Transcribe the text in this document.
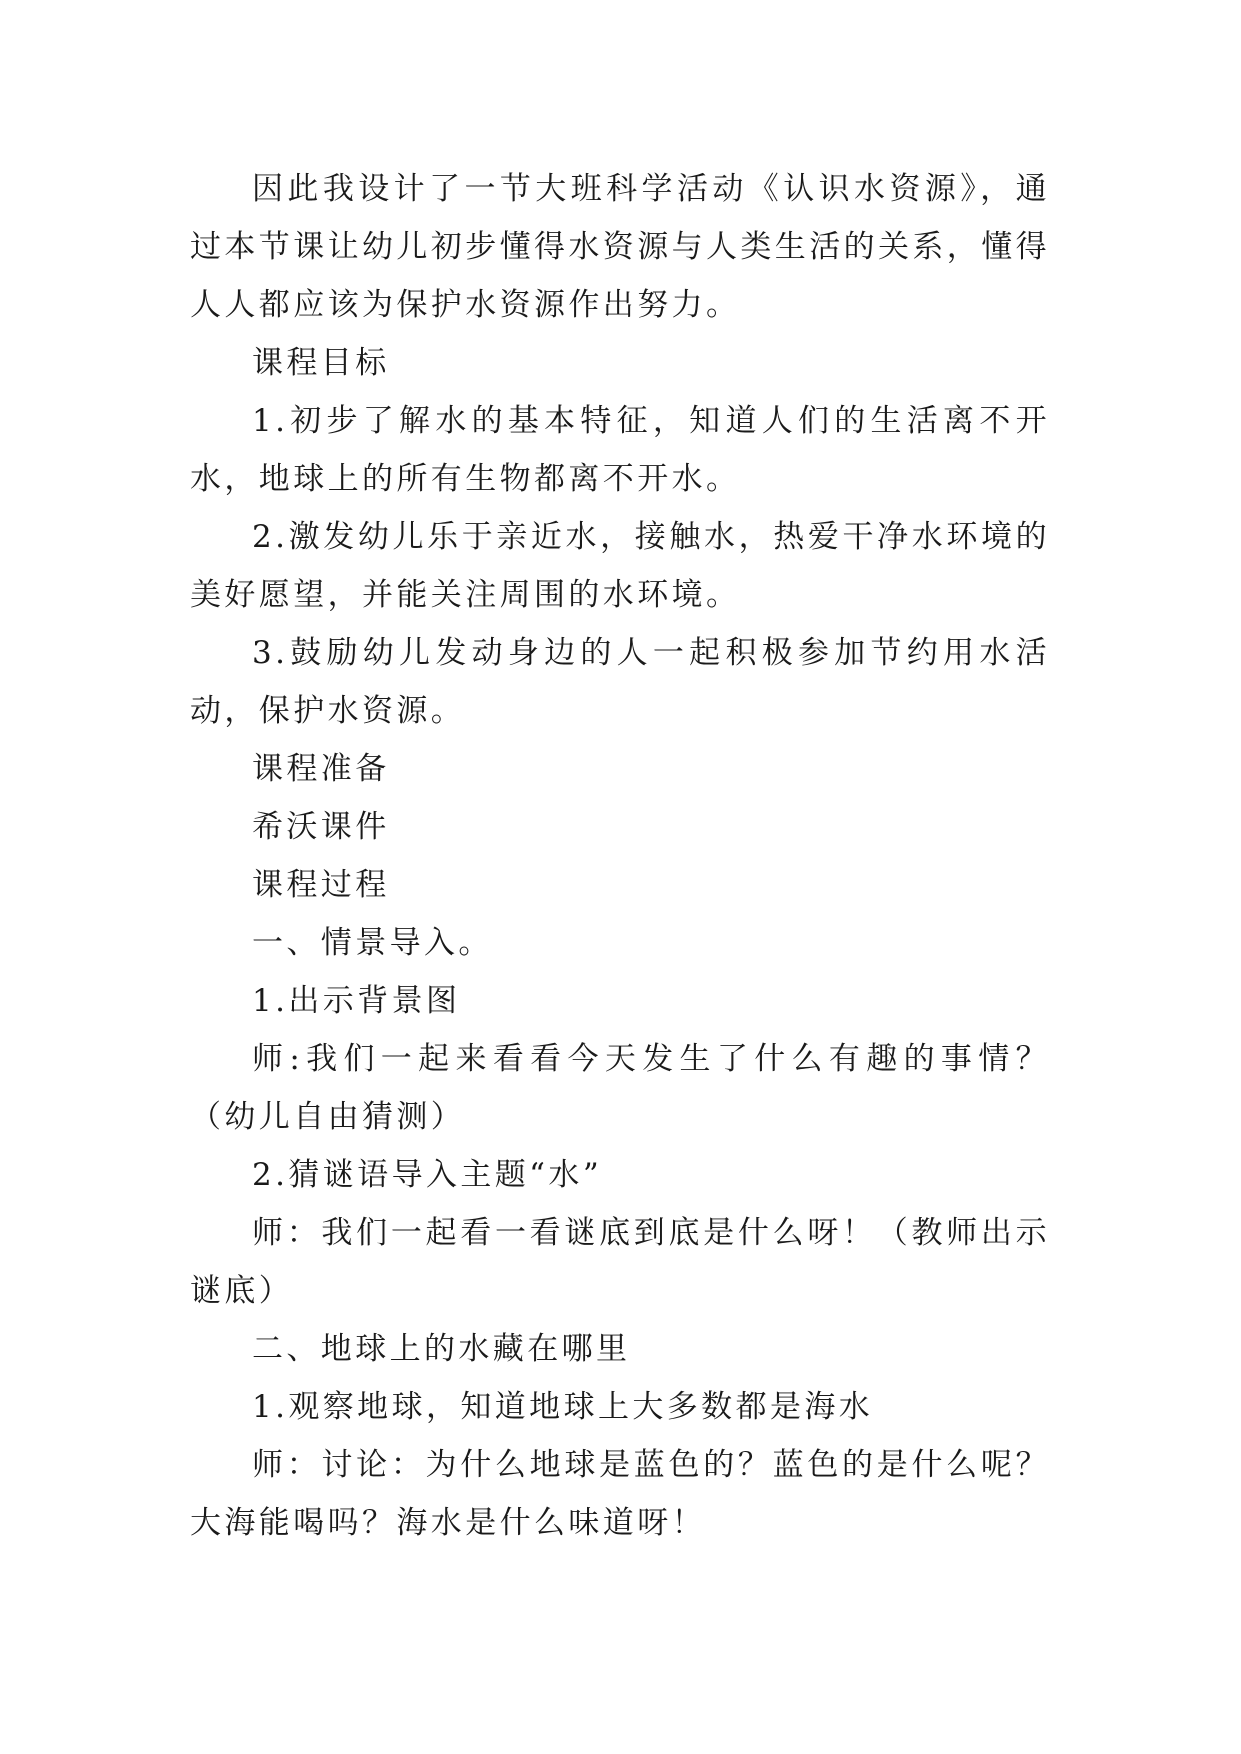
因此我设计了一节大班科学活动《认识水资源》，通过本节课让幼儿初步懂得水资源与人类生活的关系，懂得人人都应该为保护水资源作出努力。

课程目标

1.初步了解水的基本特征，知道人们的生活离不开水，地球上的所有生物都离不开水。

2.激发幼儿乐于亲近水，接触水，热爱干净水环境的美好愿望，并能关注周围的水环境。

3.鼓励幼儿发动身边的人一起积极参加节约用水活动，保护水资源。

课程准备

希沃课件

课程过程

一、情景导入。

1.出示背景图

师:我们一起来看看今天发生了什么有趣的事情？（幼儿自由猜测）

2.猜谜语导入主题“水”

师：我们一起看一看谜底到底是什么呀！（教师出示谜底）

二、地球上的水藏在哪里

1.观察地球，知道地球上大多数都是海水

师：讨论：为什么地球是蓝色的？蓝色的是什么呢？大海能喝吗？海水是什么味道呀！
